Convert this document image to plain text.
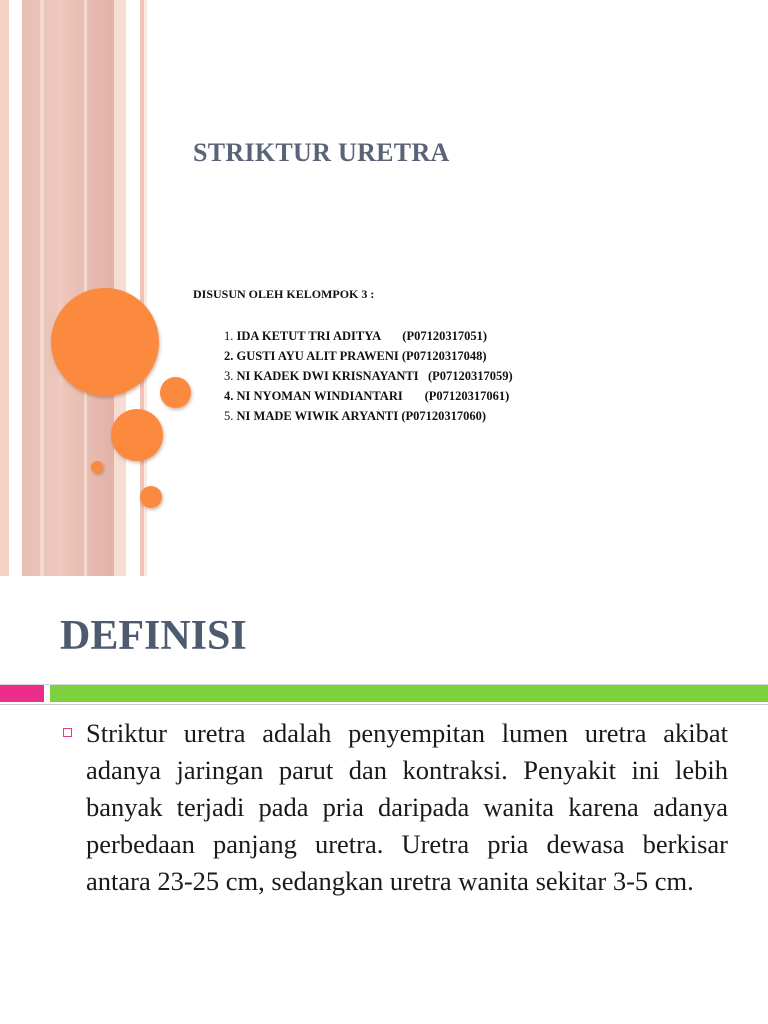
STRIKTUR URETRA
DISUSUN OLEH KELOMPOK 3 :
1. IDA KETUT TRI ADITYA       (P07120317051)
2. GUSTI AYU ALIT PRAWENI (P07120317048)
3. NI KADEK DWI KRISNAYANTI   (P07120317059)
4. NI NYOMAN WINDIANTARI       (P07120317061)
5. NI MADE WIWIK ARYANTI (P07120317060)
DEFINISI
Striktur uretra adalah penyempitan lumen uretra akibat adanya jaringan parut dan kontraksi. Penyakit ini lebih banyak terjadi pada pria daripada wanita karena adanya perbedaan panjang uretra. Uretra pria dewasa berkisar antara 23-25 cm, sedangkan uretra wanita sekitar 3-5 cm.
